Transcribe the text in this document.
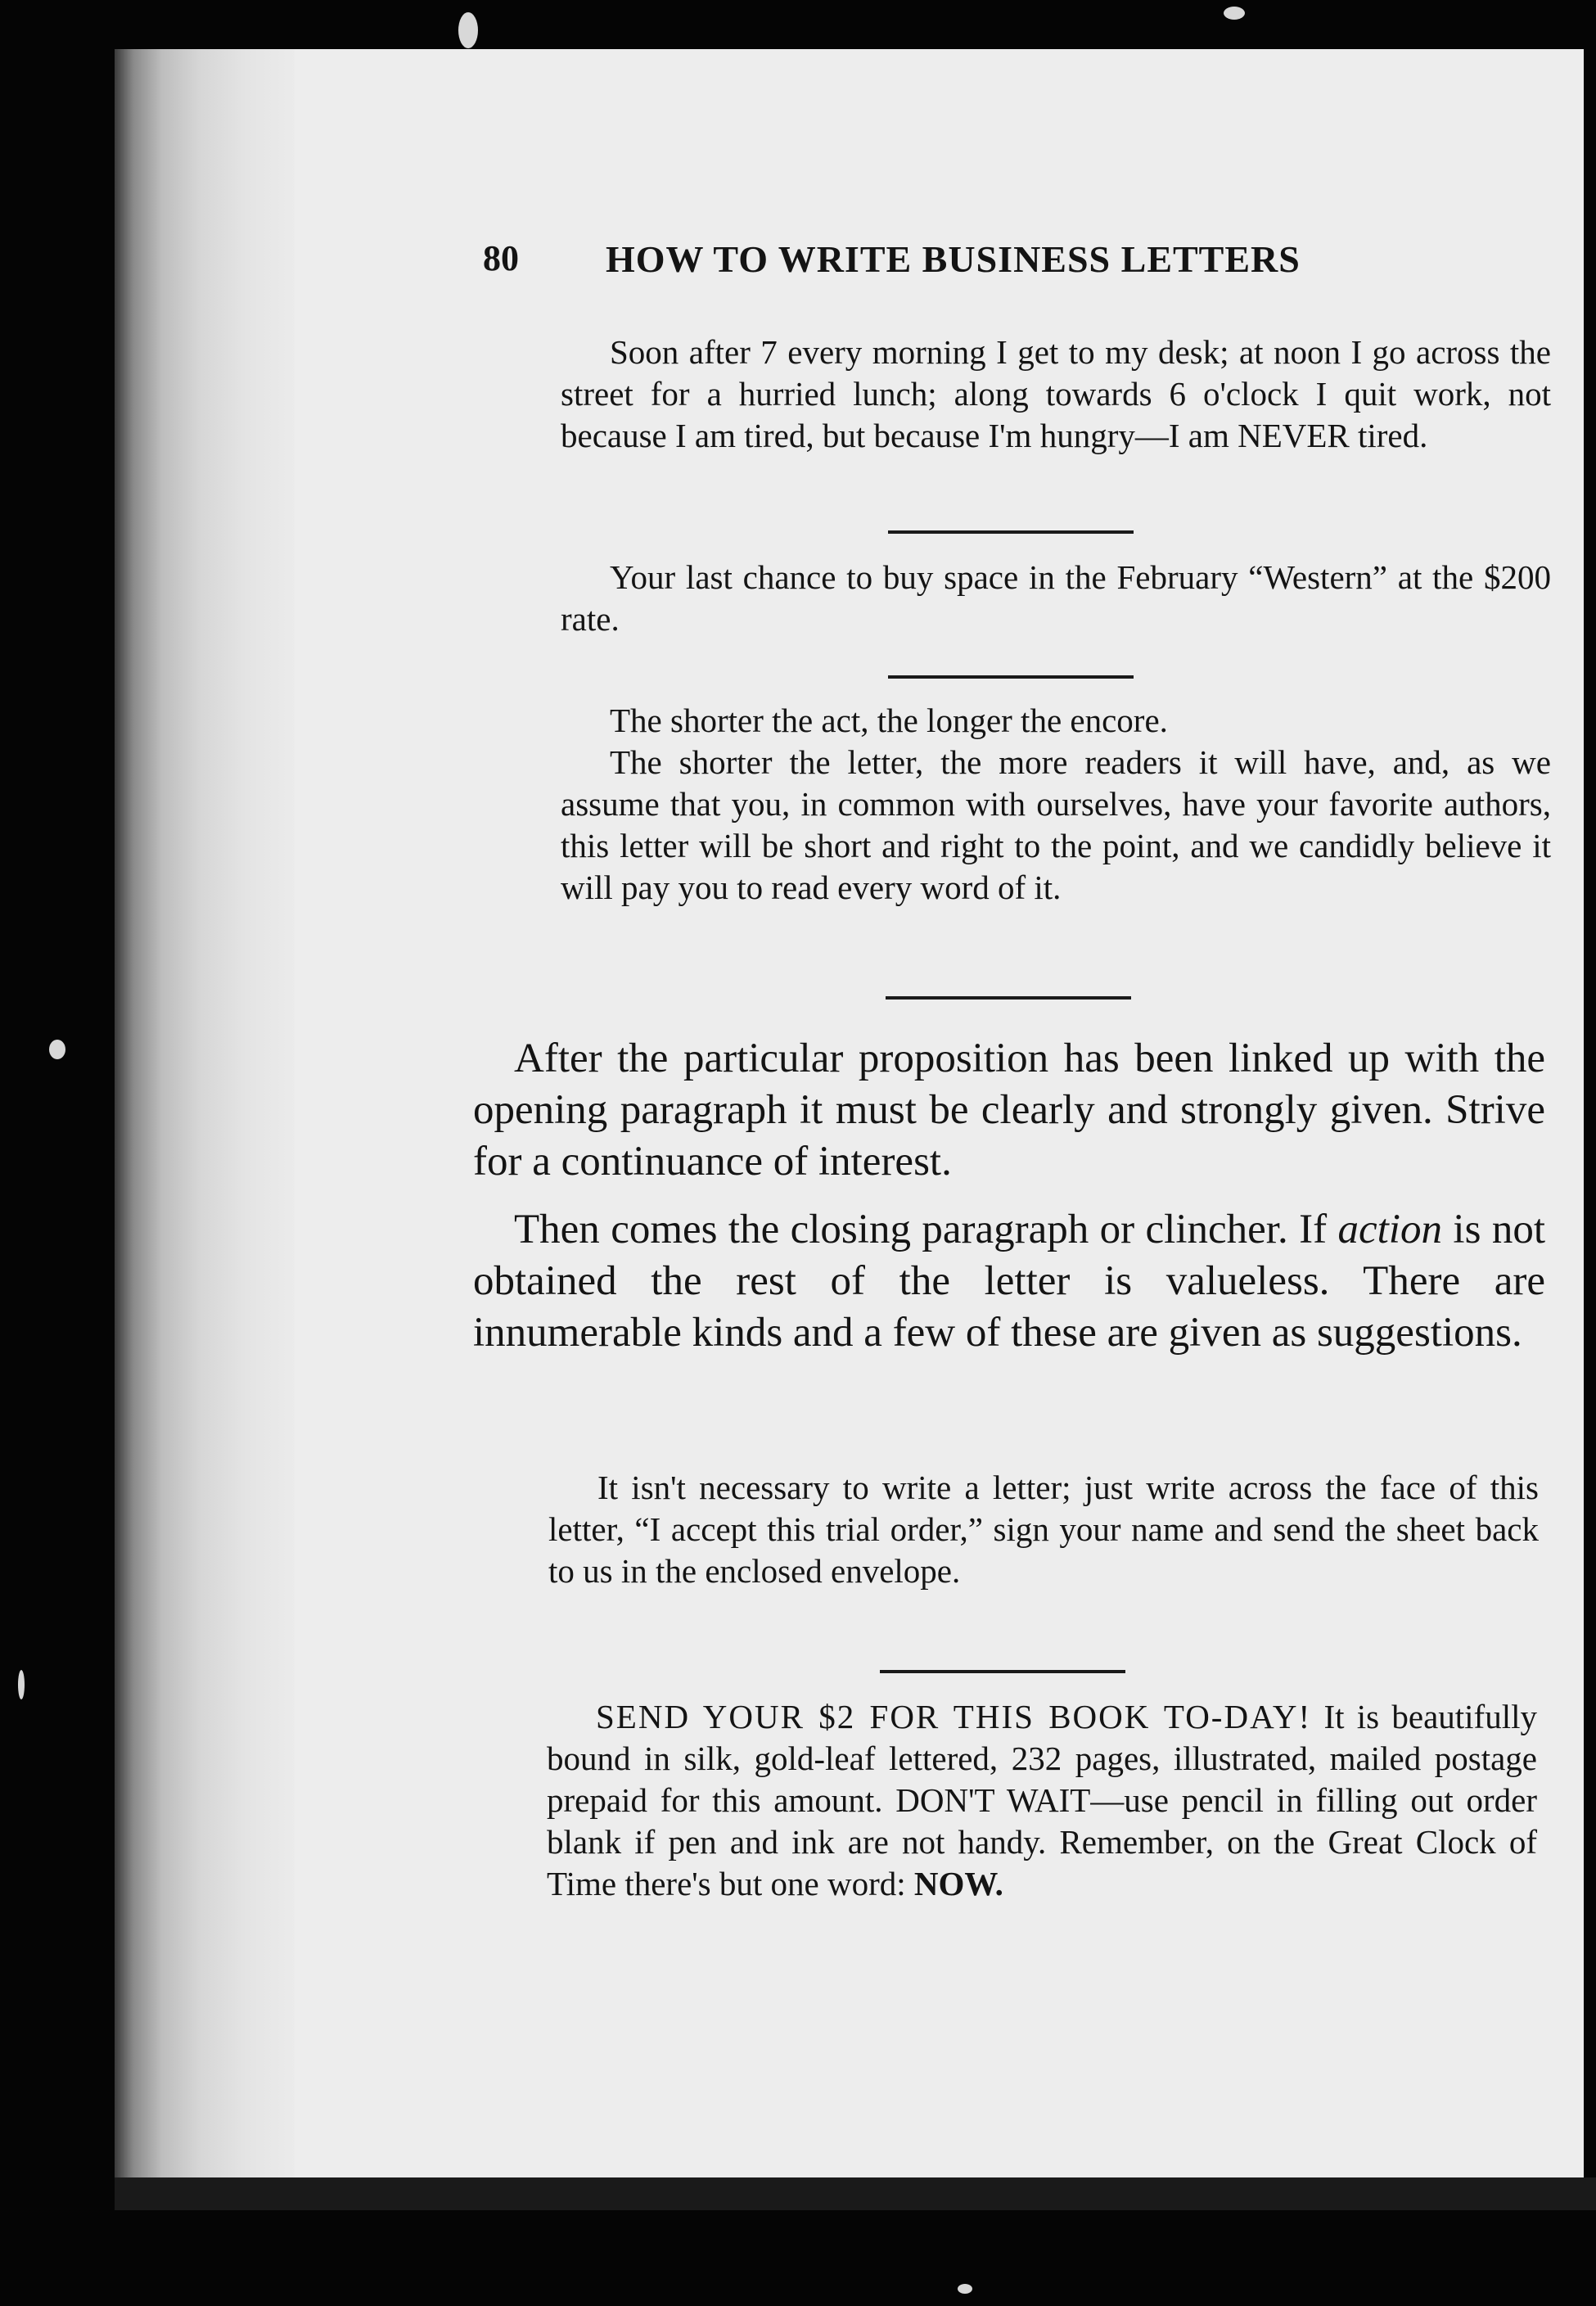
80 HOW TO WRITE BUSINESS LETTERS

Soon after 7 every morning I get to my desk; at noon I go across the street for a hurried lunch; along towards 6 o'clock I quit work, not because I am tired, but because I'm hungry—I am NEVER tired.

Your last chance to buy space in the February “Western” at the $200 rate.

The shorter the act, the longer the encore.

The shorter the letter, the more readers it will have, and, as we assume that you, in common with ourselves, have your favorite authors, this letter will be short and right to the point, and we candidly believe it will pay you to read every word of it.

After the particular proposition has been linked up with the opening paragraph it must be clearly and strongly given. Strive for a continuance of interest.

Then comes the closing paragraph or clincher. If action is not obtained the rest of the letter is valueless. There are innumerable kinds and a few of these are given as suggestions.

It isn't necessary to write a letter; just write across the face of this letter, “I accept this trial order,” sign your name and send the sheet back to us in the enclosed envelope.

SEND YOUR $2 FOR THIS BOOK TO-DAY! It is beautifully bound in silk, gold-leaf lettered, 232 pages, illustrated, mailed postage prepaid for this amount. DON'T WAIT—use pencil in filling out order blank if pen and ink are not handy. Remember, on the Great Clock of Time there's but one word: NOW.
